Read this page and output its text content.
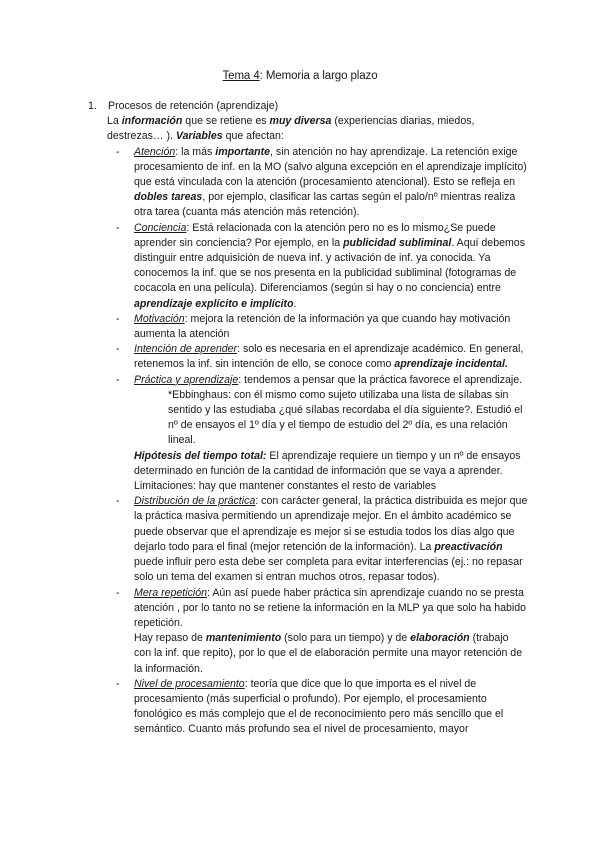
Tema 4: Memoria a largo plazo
1. Procesos de retención (aprendizaje)
La información que se retiene es muy diversa (experiencias diarias, miedos, destrezas… ). Variables que afectan:
- Atención: la más importante, sin atención no hay aprendizaje. La retención exige procesamiento de inf. en la MO (salvo alguna excepción en el aprendizaje implícito) que está vinculada con la atención (procesamiento atencional). Esto se refleja en dobles tareas, por ejemplo, clasificar las cartas según el palo/nº mientras realiza otra tarea (cuanta más atención más retención).
- Conciencia: Está relacionada con la atención pero no es lo mismo¿Se puede aprender sin conciencia? Por ejemplo, en la publicidad subliminal. Aquí debemos distinguir entre adquisición de nueva inf. y activación de inf. ya conocida. Ya conocemos la inf. que se nos presenta en la publicidad subliminal (fotogramas de cocacola en una película). Diferenciamos (según si hay o no conciencia) entre aprendizaje explícito e implícito.
- Motivación: mejora la retención de la información ya que cuando hay motivación aumenta la atención
- Intención de aprender: solo es necesaria en el aprendizaje académico. En general, retenemos la inf. sin intención de ello, se conoce como aprendizaje incidental.
- Práctica y aprendizaje: tendemos a pensar que la práctica favorece el aprendizaje.
*Ebbinghaus: con él mismo como sujeto utilizaba una lista de sílabas sin sentido y las estudiaba ¿qué sílabas recordaba el día siguiente?. Estudió el nº de ensayos el 1º día y el tiempo de estudio del 2º día, es una relación lineal.
Hipótesis del tiempo total: El aprendizaje requiere un tiempo y un nº de ensayos determinado en función de la cantidad de información que se vaya a aprender. Limitaciones: hay que mantener constantes el resto de variables
- Distribución de la práctica: con carácter general, la práctica distribuida es mejor que la práctica masiva permitiendo un aprendizaje mejor. En el ámbito académico se puede observar que el aprendizaje es mejor si se estudia todos los días algo que dejarlo todo para el final (mejor retención de la información). La preactivación puede influir pero esta debe ser completa para evitar interferencias (ej.: no repasar solo un tema del examen si entran muchos otros, repasar todos).
- Mera repetición: Aún así puede haber práctica sin aprendizaje cuando no se presta atención , por lo tanto no se retiene la información en la MLP ya que solo ha habido repetición.
Hay repaso de mantenimiento (solo para un tiempo) y de elaboración (trabajo con la inf. que repito), por lo que el de elaboración permite una mayor retención de la información.
- Nivel de procesamiento: teoría que dice que lo que importa es el nivel de procesamiento (más superficial o profundo). Por ejemplo, el procesamiento fonológico es más complejo que el de reconocimiento pero más sencillo que el semántico. Cuanto más profundo sea el nivel de procesamiento, mayor
